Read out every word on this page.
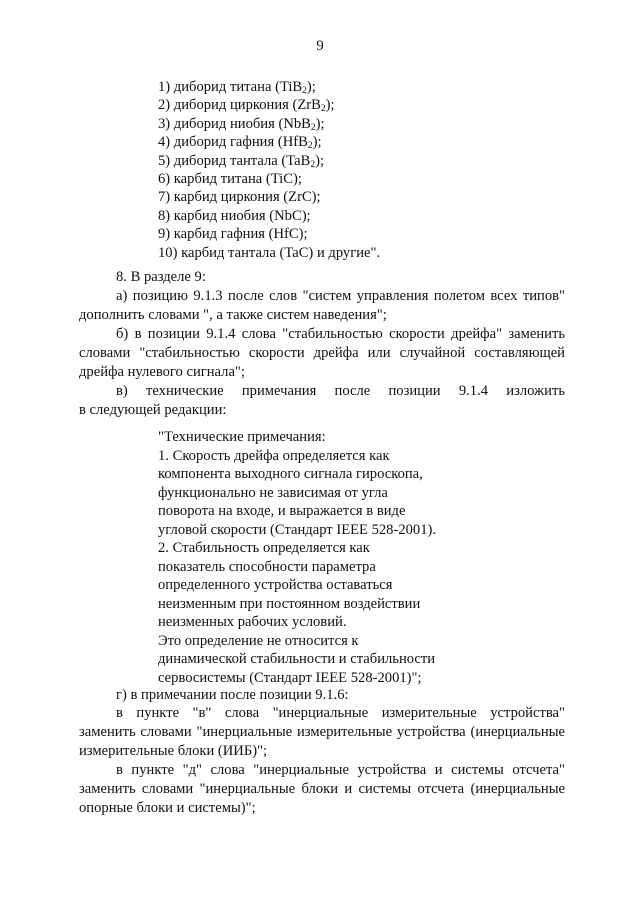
9
1) диборид титана (TiB$_2$);
2) диборид циркония (ZrB$_2$);
3) диборид ниобия (NbB$_2$);
4) диборид гафния (HfB$_2$);
5) диборид тантала (TaB$_2$);
6) карбид титана (TiC);
7) карбид циркония (ZrC);
8) карбид ниобия (NbC);
9) карбид гафния (HfC);
10) карбид тантала (TaC) и другие".
8. В разделе 9:
а) позицию 9.1.3 после слов "систем управления полетом всех типов" дополнить словами ", а также систем наведения";
б) в позиции 9.1.4 слова "стабильностью скорости дрейфа" заменить словами "стабильностью скорости дрейфа или случайной составляющей дрейфа нулевого сигнала";
в) технические примечания после позиции 9.1.4 изложить
в следующей редакции:
"Технические примечания:
1. Скорость дрейфа определяется как
компонента выходного сигнала гироскопа,
функционально не зависимая от угла
поворота на входе, и выражается в виде
угловой скорости (Стандарт IEEE 528-2001).
2. Стабильность определяется как
показатель способности параметра
определенного устройства оставаться
неизменным при постоянном воздействии
неизменных рабочих условий.
Это определение не относится к
динамической стабильности и стабильности
сервосистемы (Стандарт IEEE 528-2001)";
г) в примечании после позиции 9.1.6:
в пункте "в" слова "инерциальные измерительные устройства" заменить словами "инерциальные измерительные устройства (инерциальные измерительные блоки (ИИБ)";
в пункте "д" слова "инерциальные устройства и системы отсчета" заменить словами "инерциальные блоки и системы отсчета (инерциальные опорные блоки и системы)";
